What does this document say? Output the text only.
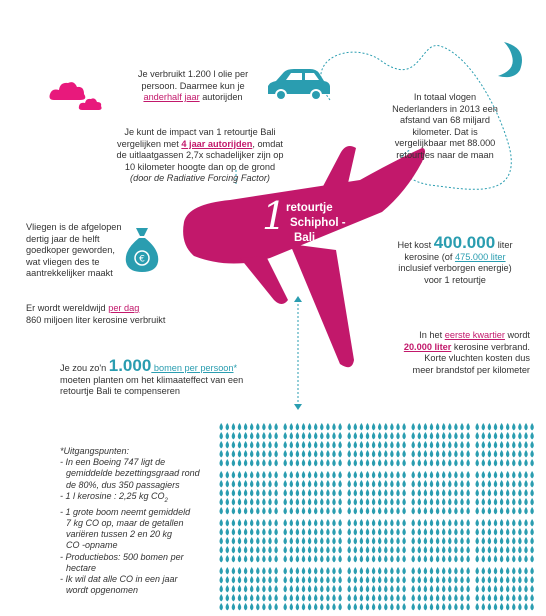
€
1 retourtje
Schiphol -
Bali
Je verbruikt 1.200 l olie per
persoon. Daarmee kun je
anderhalf jaar autorijden	In totaal vlogen
Nederlanders in 2013 een
afstand van 68 miljard
kilometer. Dat is
vergelijkbaar met 88.000
retourtjes naar de maan
Je kunt de impact van 1 retourtje Bali
vergelijken met 4 jaar autorijden, omdat
de uitlaatgassen 2,7x schadelijker zijn op
10 kilometer hoogte dan op de grond
(door de Radiative Forcing Factor)
Vliegen is de afgelopen
dertig jaar de helft
goedkoper geworden,
wat vliegen des te
aantrekkelijker maakt
Het kost 400.000 liter
kerosine (of 475.000 liter
inclusief verborgen energie)
voor 1 retourtje
Er wordt wereldwijd per dag
860 miljoen liter kerosine verbruikt
In het eerste kwartier wordt
20.000 liter kerosine verbrand.
Korte vluchten kosten dus
meer brandstof per kilometer
Je zou zo'n 1.000 bomen per persoon*
moeten planten om het klimaateffect van een
retourtje Bali te compenseren
*Uitgangspunten:
- In een Boeing 747 ligt de
gemiddelde bezettingsgraad rond
de 80%, dus 350 passagiers
- 1 l kerosine : 2,25 kg $CO_2$
- 1 grote boom neemt gemiddeld
7 kg CO op, maar de getallen
variëren tussen 2 en 20 kg
CO -opname
- Productiebos: 500 bomen per
hectare
- Ik wil dat alle CO in een jaar
wordt opgenomen
